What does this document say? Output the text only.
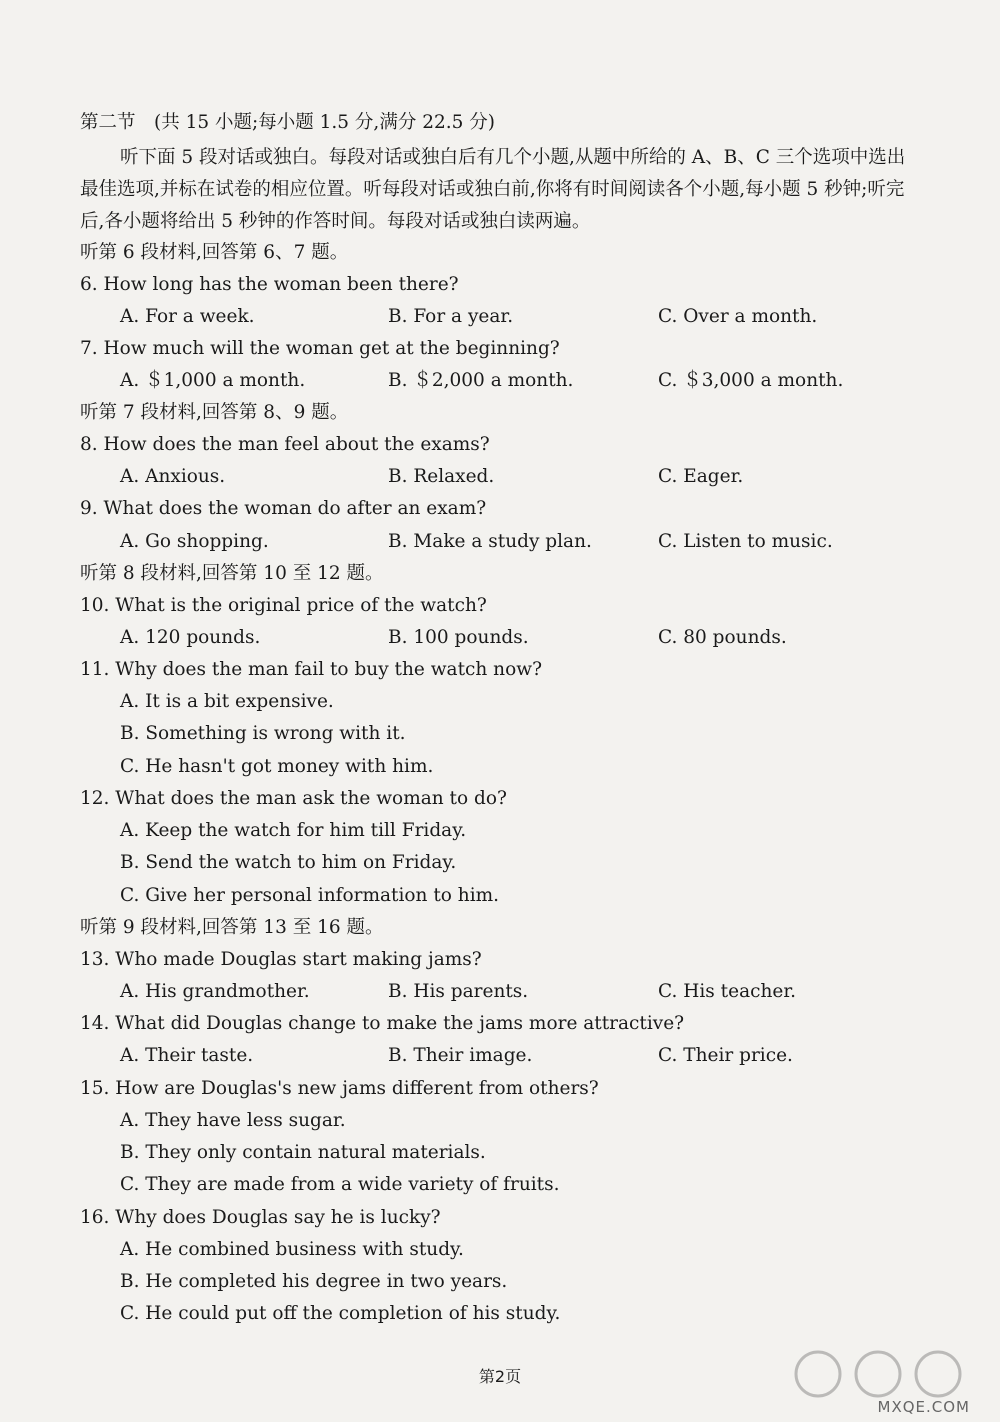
第二节　(共 15 小题;每小题 1.5 分,满分 22.5 分)
听下面 5 段对话或独白。每段对话或独白后有几个小题,从题中所给的 A、B、C 三个选项中选出最佳选项,并标在试卷的相应位置。听每段对话或独白前,你将有时间阅读各个小题,每小题 5 秒钟;听完后,各小题将给出 5 秒钟的作答时间。每段对话或独白读两遍。
听第 6 段材料,回答第 6、7 题。
6. How long has the woman been there?
A. For a week.	B. For a year.	C. Over a month.
7. How much will the woman get at the beginning?
A. ＄1,000 a month.	B. ＄2,000 a month.	C. ＄3,000 a month.
听第 7 段材料,回答第 8、9 题。
8. How does the man feel about the exams?
A. Anxious.	B. Relaxed.	C. Eager.
9. What does the woman do after an exam?
A. Go shopping.	B. Make a study plan.	C. Listen to music.
听第 8 段材料,回答第 10 至 12 题。
10. What is the original price of the watch?
A. 120 pounds.	B. 100 pounds.	C. 80 pounds.
11. Why does the man fail to buy the watch now?
A. It is a bit expensive.
B. Something is wrong with it.
C. He hasn't got money with him.
12. What does the man ask the woman to do?
A. Keep the watch for him till Friday.
B. Send the watch to him on Friday.
C. Give her personal information to him.
听第 9 段材料,回答第 13 至 16 题。
13. Who made Douglas start making jams?
A. His grandmother.	B. His parents.	C. His teacher.
14. What did Douglas change to make the jams more attractive?
A. Their taste.	B. Their image.	C. Their price.
15. How are Douglas's new jams different from others?
A. They have less sugar.
B. They only contain natural materials.
C. They are made from a wide variety of fruits.
16. Why does Douglas say he is lucky?
A. He combined business with study.
B. He completed his degree in two years.
C. He could put off the completion of his study.
第2页
MXQE.COM
